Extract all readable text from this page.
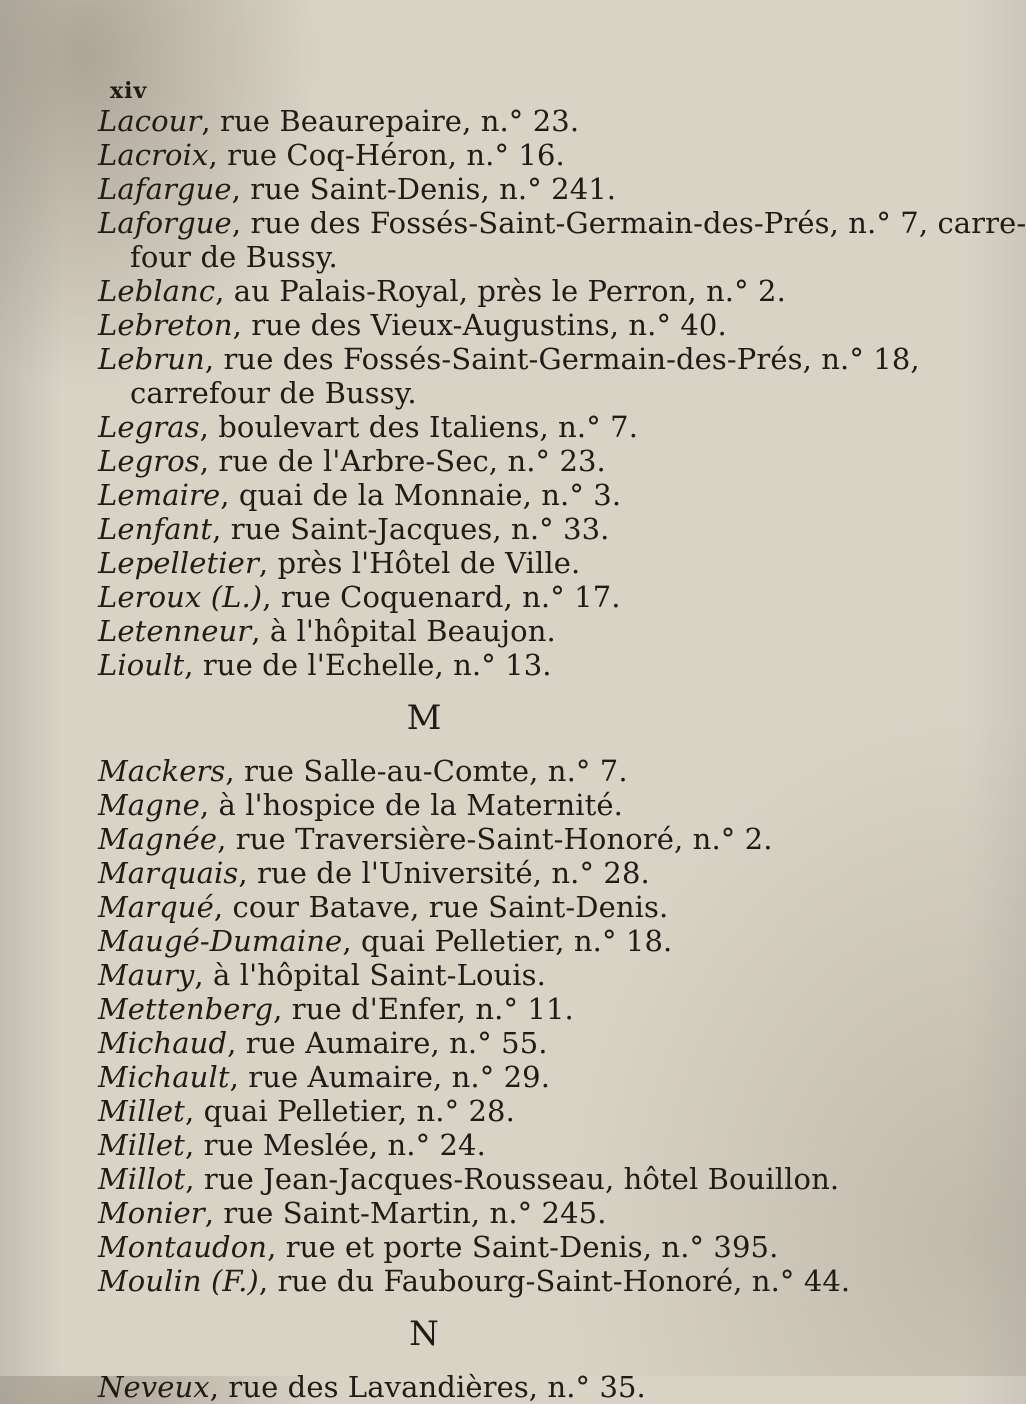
xiv
Lacour, rue Beaurepaire, n.° 23.
Lacroix, rue Coq-Héron, n.° 16.
Lafargue, rue Saint-Denis, n.° 241.
Laforgue, rue des Fossés-Saint-Germain-des-Prés, n.° 7, carre-
four de Bussy.
Leblanc, au Palais-Royal, près le Perron, n.° 2.
Lebreton, rue des Vieux-Augustins, n.° 40.
Lebrun, rue des Fossés-Saint-Germain-des-Prés, n.° 18,
carrefour de Bussy.
Legras, boulevart des Italiens, n.° 7.
Legros, rue de l'Arbre-Sec, n.° 23.
Lemaire, quai de la Monnaie, n.° 3.
Lenfant, rue Saint-Jacques, n.° 33.
Lepelletier, près l'Hôtel de Ville.
Leroux (L.), rue Coquenard, n.° 17.
Letenneur, à l'hôpital Beaujon.
Lioult, rue de l'Echelle, n.° 13.
M
Mackers, rue Salle-au-Comte, n.° 7.
Magne, à l'hospice de la Maternité.
Magnée, rue Traversière-Saint-Honoré, n.° 2.
Marquais, rue de l'Université, n.° 28.
Marqué, cour Batave, rue Saint-Denis.
Maugé-Dumaine, quai Pelletier, n.° 18.
Maury, à l'hôpital Saint-Louis.
Mettenberg, rue d'Enfer, n.° 11.
Michaud, rue Aumaire, n.° 55.
Michault, rue Aumaire, n.° 29.
Millet, quai Pelletier, n.° 28.
Millet, rue Meslée, n.° 24.
Millot, rue Jean-Jacques-Rousseau, hôtel Bouillon.
Monier, rue Saint-Martin, n.° 245.
Montaudon, rue et porte Saint-Denis, n.° 395.
Moulin (F.), rue du Faubourg-Saint-Honoré, n.° 44.
N
Neveux, rue des Lavandières, n.° 35.
